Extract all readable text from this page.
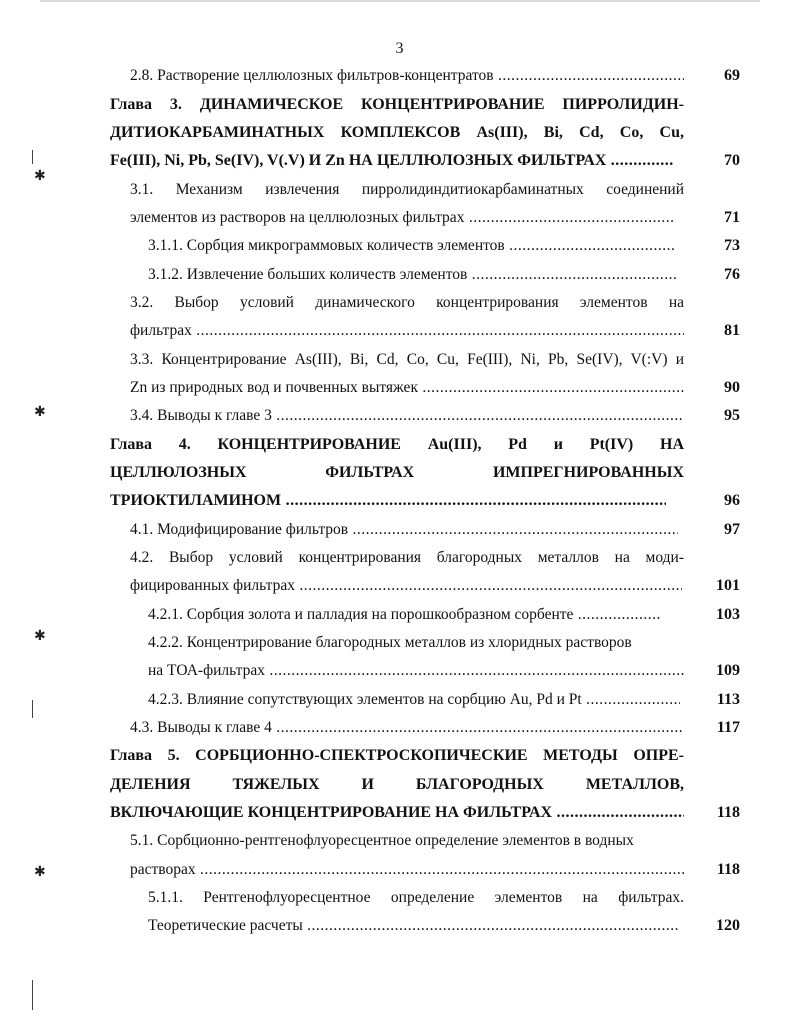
3
2.8. Растворение целлюлозных фильтров-концентратов .....	69
Глава 3. ДИНАМИЧЕСКОЕ КОНЦЕНТРИРОВАНИЕ ПИРРОЛИДИН-
ДИТИОКАРБАМИНАТНЫХ КОМПЛЕКСОВ As(III), Bi, Cd, Co, Cu,
Fe(III), Ni, Pb, Se(IV), V(.V) И Zn НА ЦЕЛЛЮЛОЗНЫХ ФИЛЬТРАХ .....	70
3.1. Механизм извлечения пирролидиндитиокарбаминатных соединений
элементов из растворов на целлюлозных фильтрах .....	71
3.1.1. Сорбция микрограммовых количеств элементов .....	73
3.1.2. Извлечение больших количеств элементов .....	76
3.2. Выбор условий динамического концентрирования элементов на
фильтрах .....	81
3.3. Концентрирование As(III), Bi, Cd, Co, Cu, Fe(III), Ni, Pb, Se(IV), V(:V) и
Zn из природных вод и почвенных вытяжек .....	90
3.4. Выводы к главе 3 .....	95
Глава 4. КОНЦЕНТРИРОВАНИЕ Au(III), Pd и Pt(IV) НА
ЦЕЛЛЮЛОЗНЫХ ФИЛЬТРАХ ИМПРЕГНИРОВАННЫХ
ТРИОКТИЛАМИНОМ .....	96
4.1. Модифицирование фильтров .....	97
4.2. Выбор условий концентрирования благородных металлов на моди-
фицированных фильтрах .....	101
4.2.1. Сорбция золота и палладия на порошкообразном сорбенте .....	103
4.2.2. Концентрирование благородных металлов из хлоридных растворов
на ТОА-фильтрах .....	109
4.2.3. Влияние сопутствующих элементов на сорбцию Au, Pd и Pt .....	113
4.3. Выводы к главе 4 .....	117
Глава 5. СОРБЦИОННО-СПЕКТРОСКОПИЧЕСКИЕ МЕТОДЫ ОПРЕ-
ДЕЛЕНИЯ ТЯЖЕЛЫХ И БЛАГОРОДНЫХ МЕТАЛЛОВ,
ВКЛЮЧАЮЩИЕ КОНЦЕНТРИРОВАНИЕ НА ФИЛЬТРАХ .....	118
5.1. Сорбционно-рентгенофлуоресцентное определение элементов в водных
растворах .....	118
5.1.1. Рентгенофлуоресцентное определение элементов на фильтрах.
Теоретические расчеты .....	120
✱
✱
✱
✱
